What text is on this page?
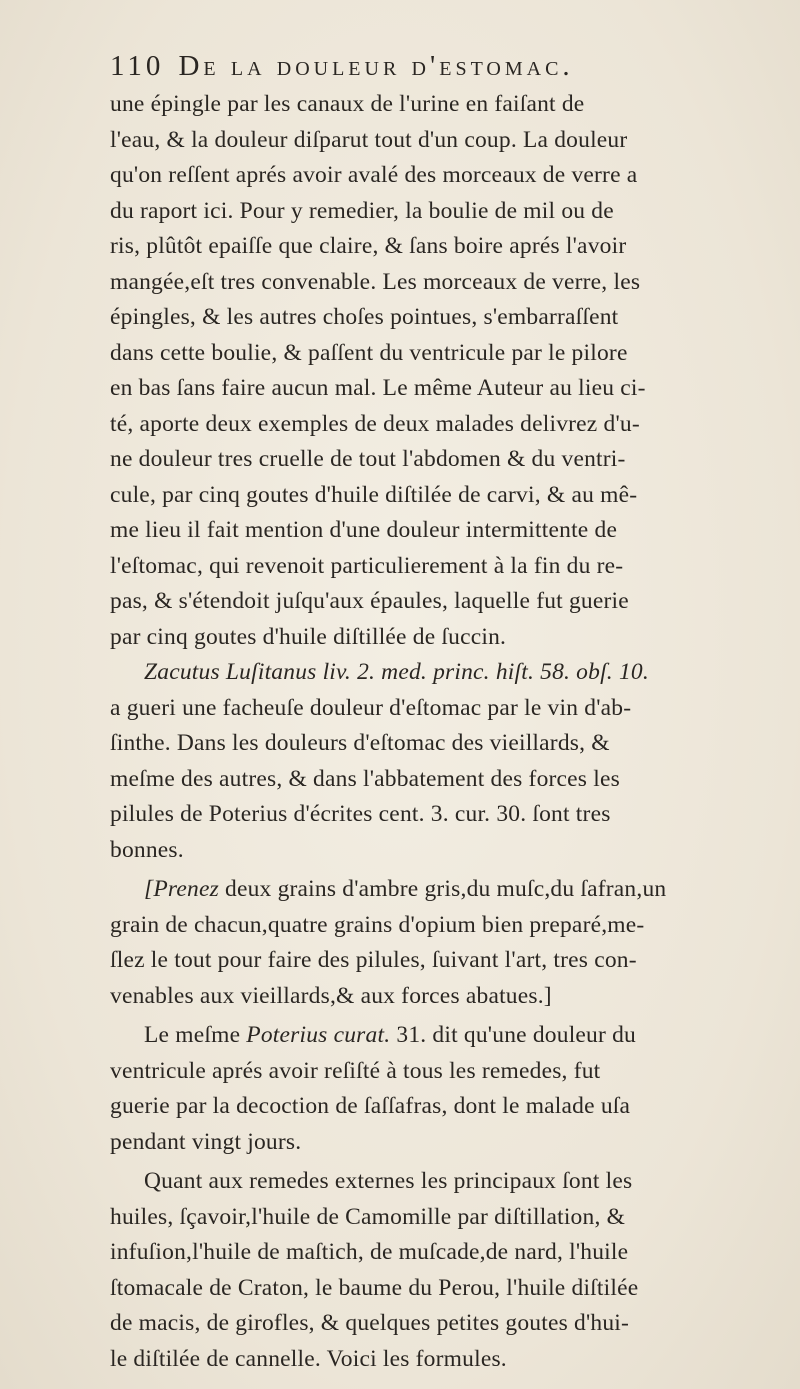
110 De la douleur d'estomac.
une épingle par les canaux de l'urine en faiſant de
l'eau, & la douleur diſparut tout d'un coup. La douleur
qu'on reſſent aprés avoir avalé des morceaux de verre a
du raport ici. Pour y remedier, la boulie de mil ou de
ris, plûtôt epaiſſe que claire, & ſans boire aprés l'avoir
mangée,eſt tres convenable. Les morceaux de verre, les
épingles, & les autres choſes pointues, s'embarraſſent
dans cette boulie, & paſſent du ventricule par le pilore
en bas ſans faire aucun mal. Le même Auteur au lieu ci-
té, aporte deux exemples de deux malades delivrez d'u-
ne douleur tres cruelle de tout l'abdomen & du ventri-
cule, par cinq goutes d'huile diſtilée de carvi, & au mê-
me lieu il fait mention d'une douleur intermittente de
l'eſtomac, qui revenoit particulierement à la fin du re-
pas, & s'étendoit juſqu'aux épaules, laquelle fut guerie
par cinq goutes d'huile diſtillée de ſuccin.
Zacutus Luſitanus liv. 2. med. princ. hiſt. 58. obſ. 10.
a gueri une facheuſe douleur d'eſtomac par le vin d'ab-
ſinthe. Dans les douleurs d'eſtomac des vieillards, &
meſme des autres, & dans l'abbatement des forces les
pilules de Poterius d'écrites cent. 3. cur. 30. ſont tres
bonnes.
[Prenez deux grains d'ambre gris,du muſc,du ſafran,un
grain de chacun,quatre grains d'opium bien preparé,me-
ſlez le tout pour faire des pilules, ſuivant l'art, tres con-
venables aux vieillards,& aux forces abatues.]
Le meſme Poterius curat. 31. dit qu'une douleur du
ventricule aprés avoir reſiſté à tous les remedes, fut
guerie par la decoction de ſaſſafras, dont le malade uſa
pendant vingt jours.
Quant aux remedes externes les principaux ſont les
huiles, ſçavoir,l'huile de Camomille par diſtillation, &
infuſion,l'huile de maſtich, de muſcade,de nard, l'huile
ſtomacale de Craton, le baume du Perou, l'huile diſtilée
de macis, de girofles, & quelques petites goutes d'hui-
le diſtilée de cannelle. Voici les formules.
